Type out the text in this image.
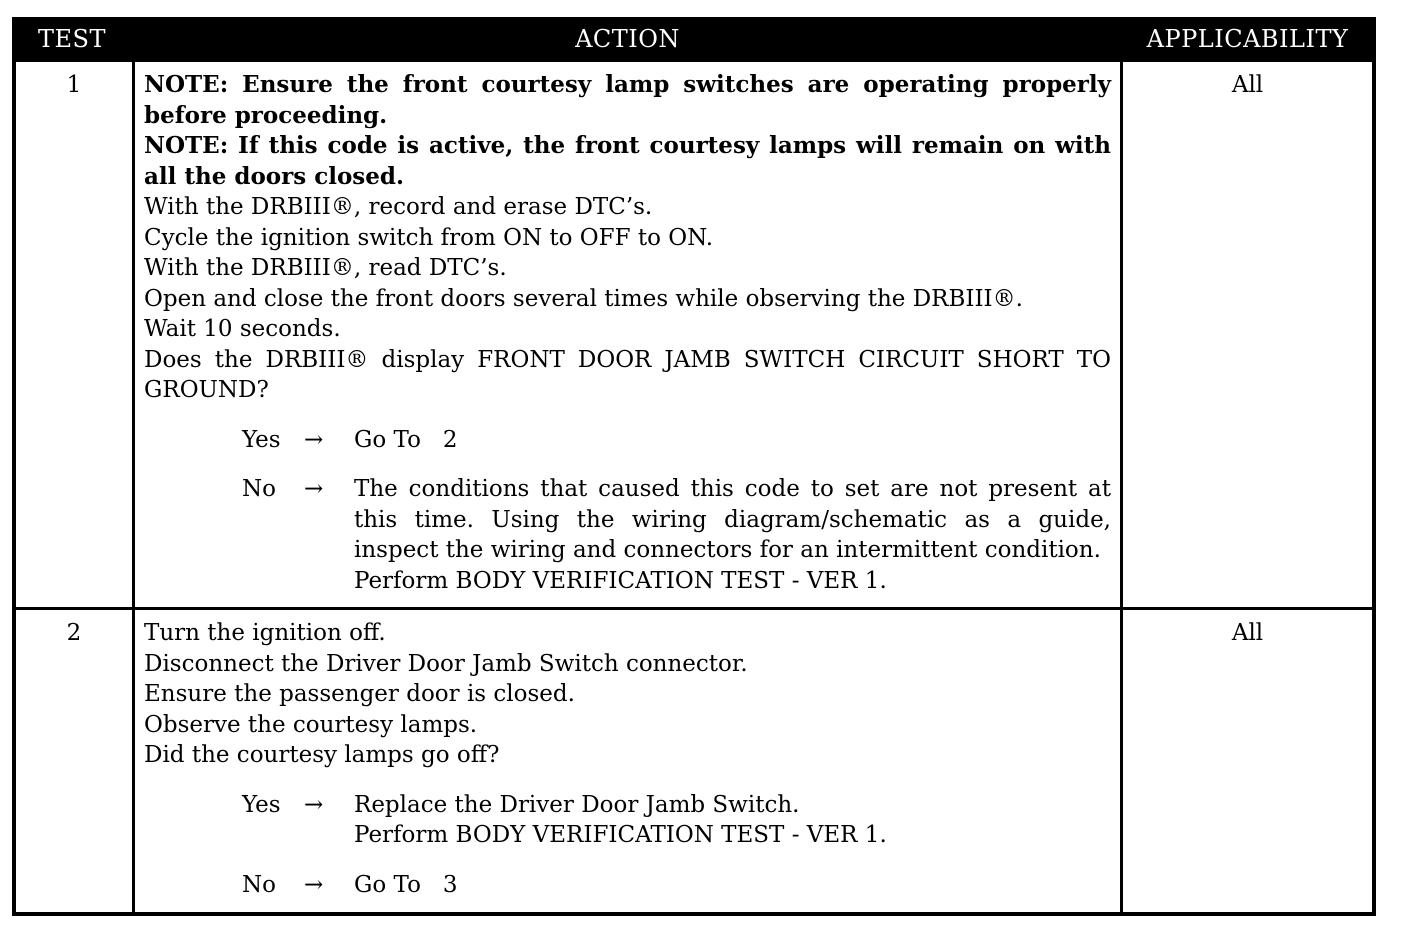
TEST	ACTION	APPLICABILITY
1	NOTE: Ensure the front courtesy lamp switches are operating properly before proceeding.
NOTE: If this code is active, the front courtesy lamps will remain on with all the doors closed.
With the DRBIII®, record and erase DTC’s.
Cycle the ignition switch from ON to OFF to ON.
With the DRBIII®, read DTC’s.
Open and close the front doors several times while observing the DRBIII®.
Wait 10 seconds.
Does the DRBIII® display FRONT DOOR JAMB SWITCH CIRCUIT SHORT TO GROUND?
Yes	→	Go To   2
No	→	The conditions that caused this code to set are not present at this time. Using the wiring diagram/schematic as a guide, inspect the wiring and connectors for an intermittent condition.
Perform BODY VERIFICATION TEST - VER 1.
All
2	Turn the ignition off.
Disconnect the Driver Door Jamb Switch connector.
Ensure the passenger door is closed.
Observe the courtesy lamps.
Did the courtesy lamps go off?
Yes	→	Replace the Driver Door Jamb Switch.
Perform BODY VERIFICATION TEST - VER 1.
No	→	Go To   3
All
